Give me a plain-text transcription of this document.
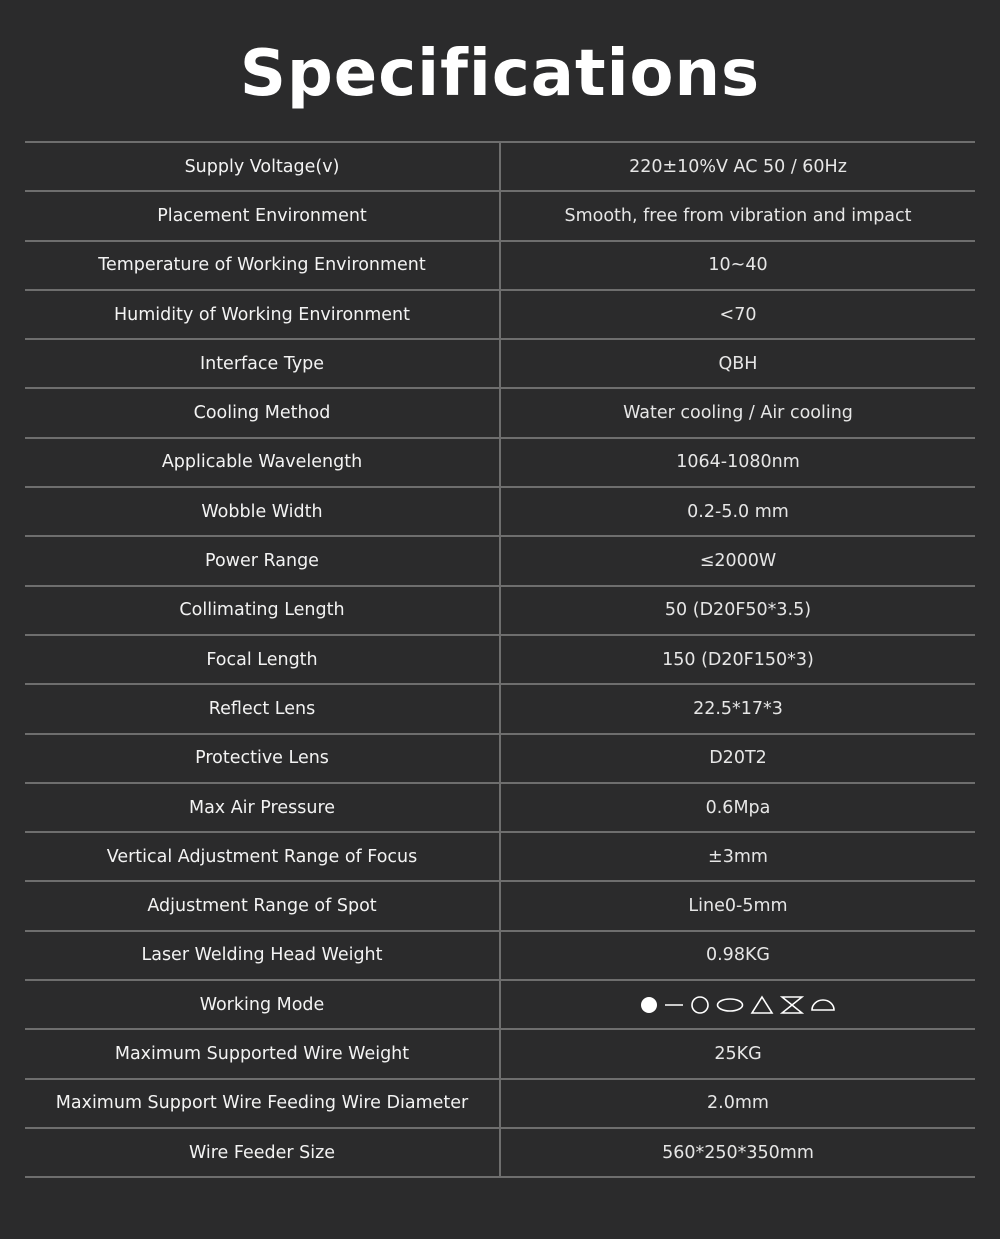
Specifications
Supply Voltage(v)	220±10%V AC 50 / 60Hz
Placement Environment	Smooth, free from vibration and impact
Temperature of Working Environment	10~40
Humidity of Working Environment	<70
Interface Type	QBH
Cooling Method	Water cooling / Air cooling
Applicable Wavelength	1064-1080nm
Wobble Width	0.2-5.0 mm
Power Range	≤2000W
Collimating Length	50 (D20F50*3.5)
Focal Length	150 (D20F150*3)
Reflect Lens	22.5*17*3
Protective Lens	D20T2
Max Air Pressure	0.6Mpa
Vertical Adjustment Range of Focus	±3mm
Adjustment Range of Spot	Line0-5mm
Laser Welding Head Weight	0.98KG
Working Mode
Maximum Supported Wire Weight	25KG
Maximum Support Wire Feeding Wire Diameter	2.0mm
Wire Feeder Size	560*250*350mm
